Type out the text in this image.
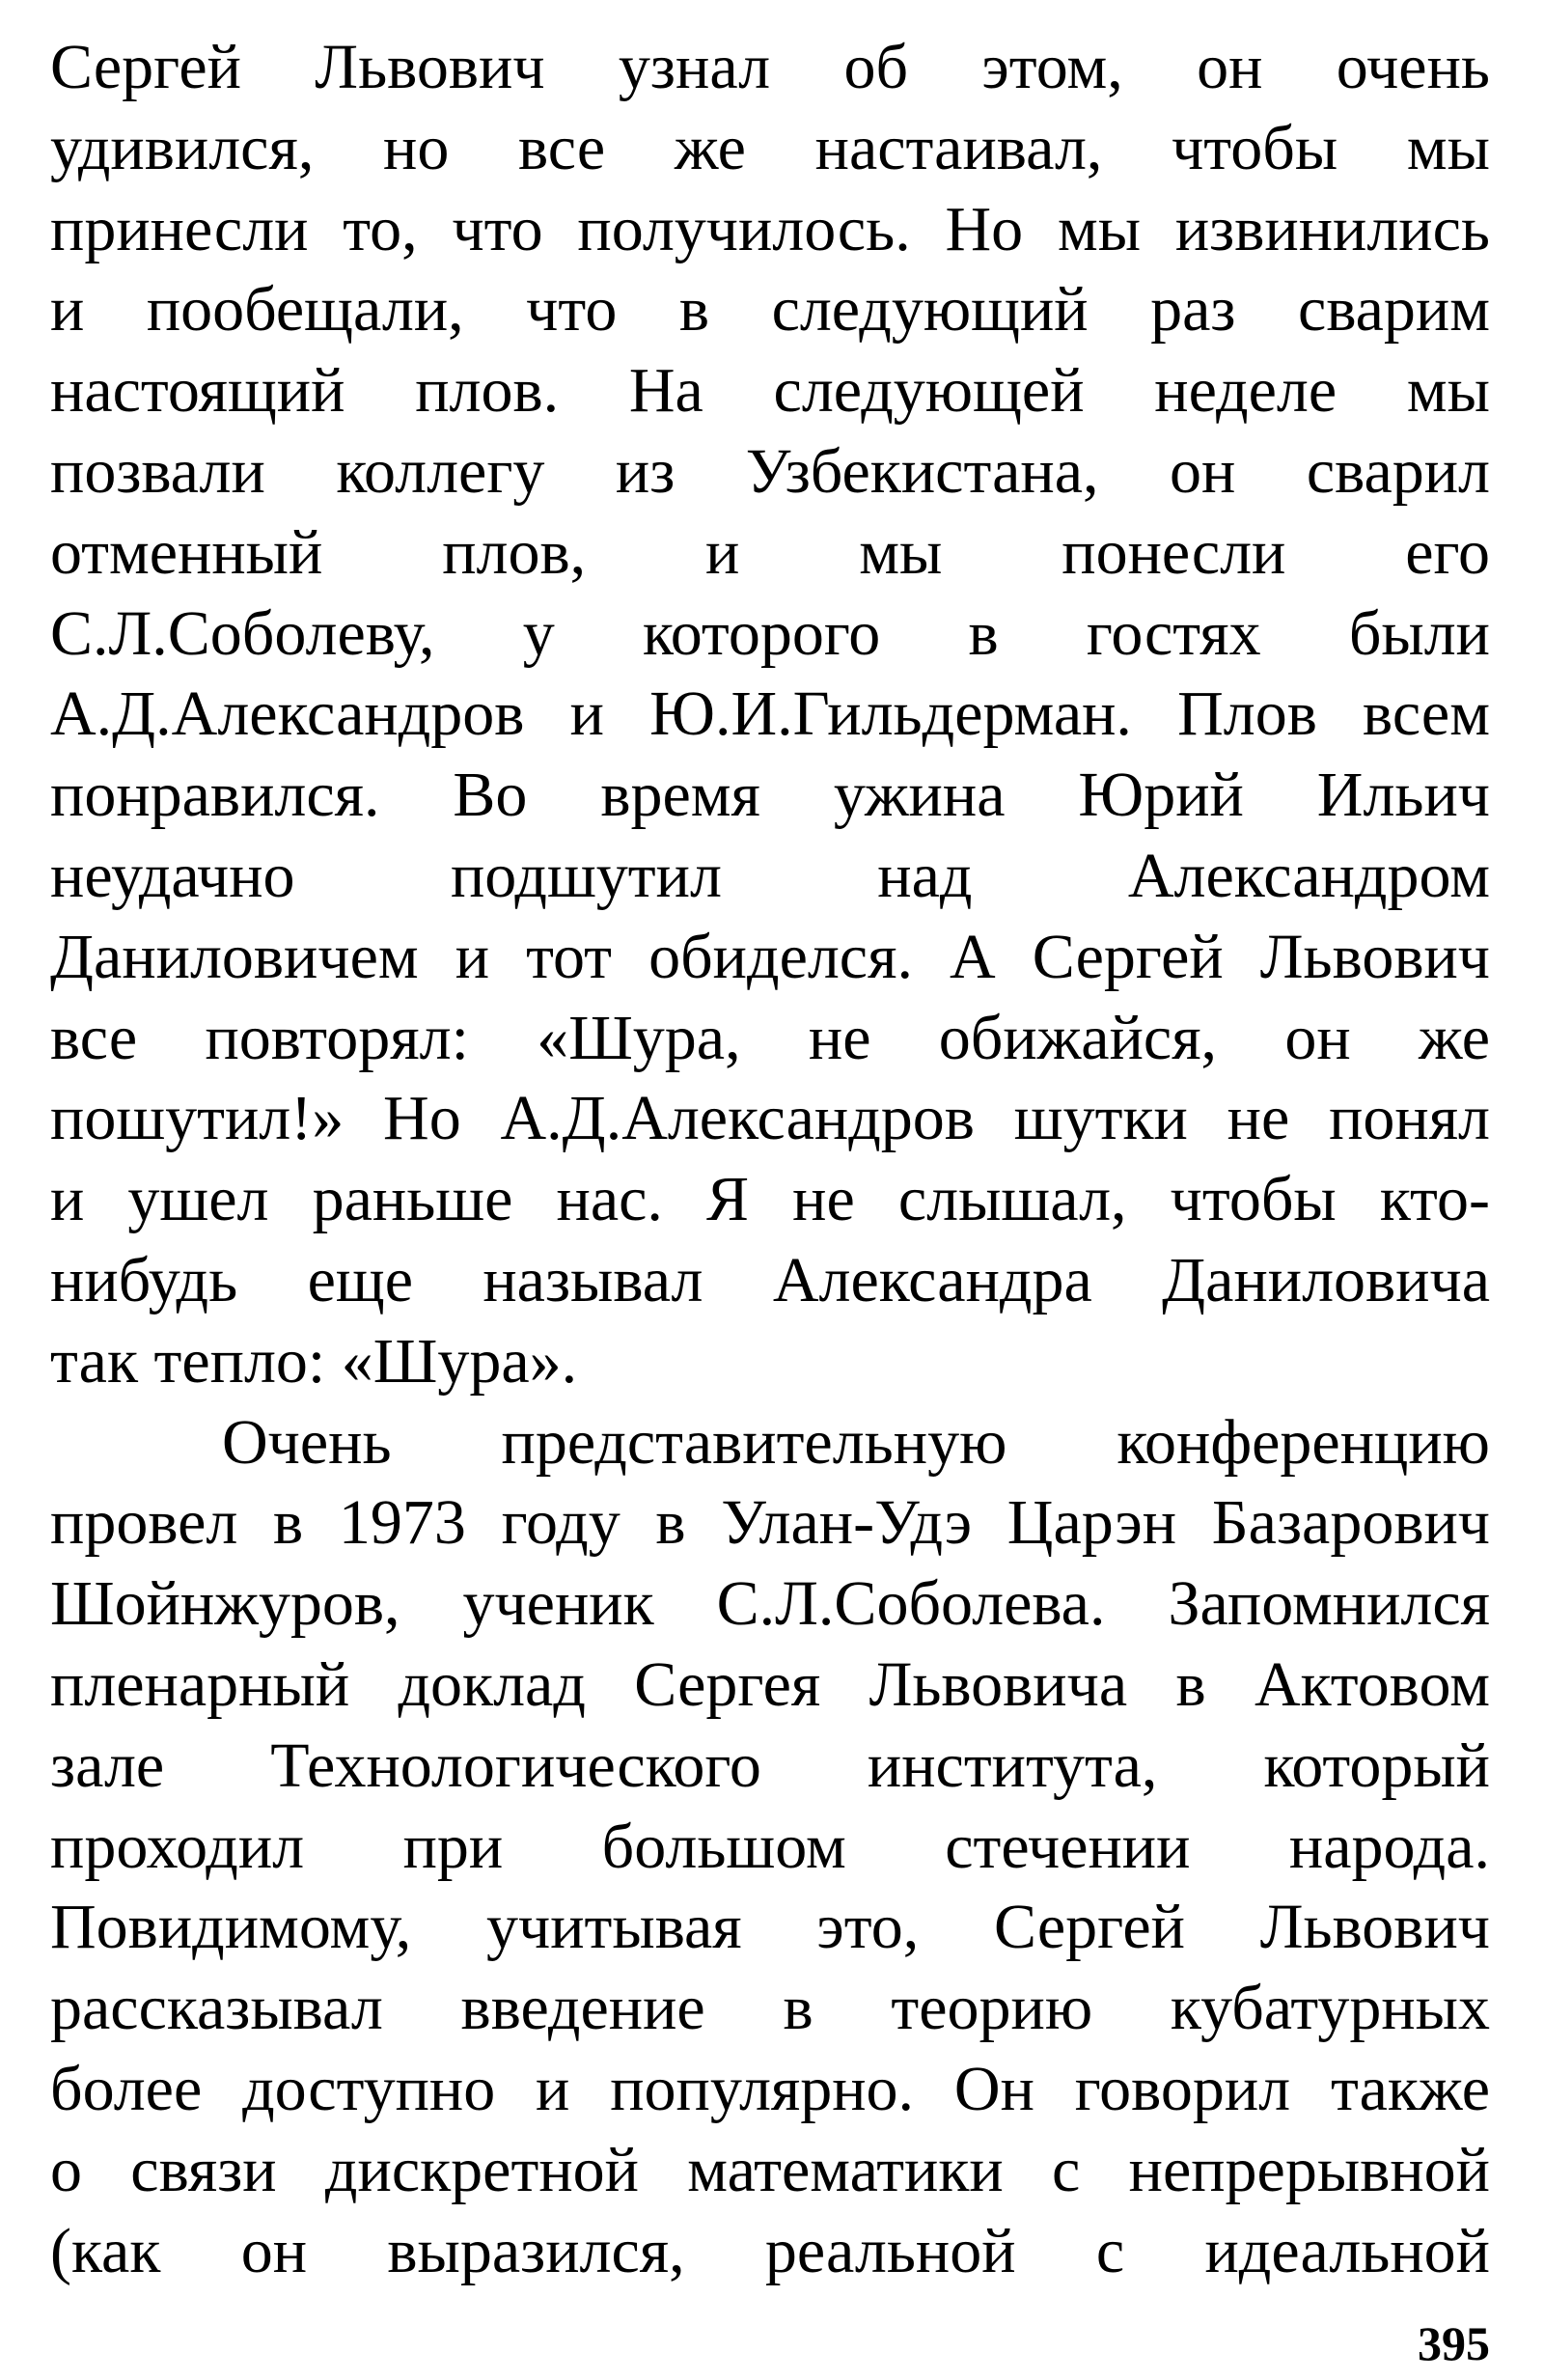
Сергей Львович узнал об этом, он очень
удивился, но все же настаивал, чтобы мы
принесли то, что получилось. Но мы извинились
и пообещали, что в следующий раз сварим
настоящий плов. На следующей неделе мы
позвали коллегу из Узбекистана, он сварил
отменный плов, и мы понесли его
С.Л.Соболеву, у которого в гостях были
А.Д.Александров и Ю.И.Гильдерман. Плов всем
понравился. Во время ужина Юрий Ильич
неудачно подшутил над Александром
Даниловичем и тот обиделся. А Сергей Львович
все повторял: «Шура, не обижайся, он же
пошутил!» Но А.Д.Александров шутки не понял
и ушел раньше нас. Я не слышал, чтобы кто-
нибудь еще называл Александра Даниловича
так тепло: «Шура».
Очень представительную конференцию
провел в 1973 году в Улан-Удэ Царэн Базарович
Шойнжуров, ученик С.Л.Соболева. Запомнился
пленарный доклад Сергея Львовича в Актовом
зале Технологического института, который
проходил при большом стечении народа.
Повидимому, учитывая это, Сергей Львович
рассказывал введение в теорию кубатурных
более доступно и популярно. Он говорил также
о связи дискретной математики с непрерывной
(как он выразился, реальной с идеальной
395
